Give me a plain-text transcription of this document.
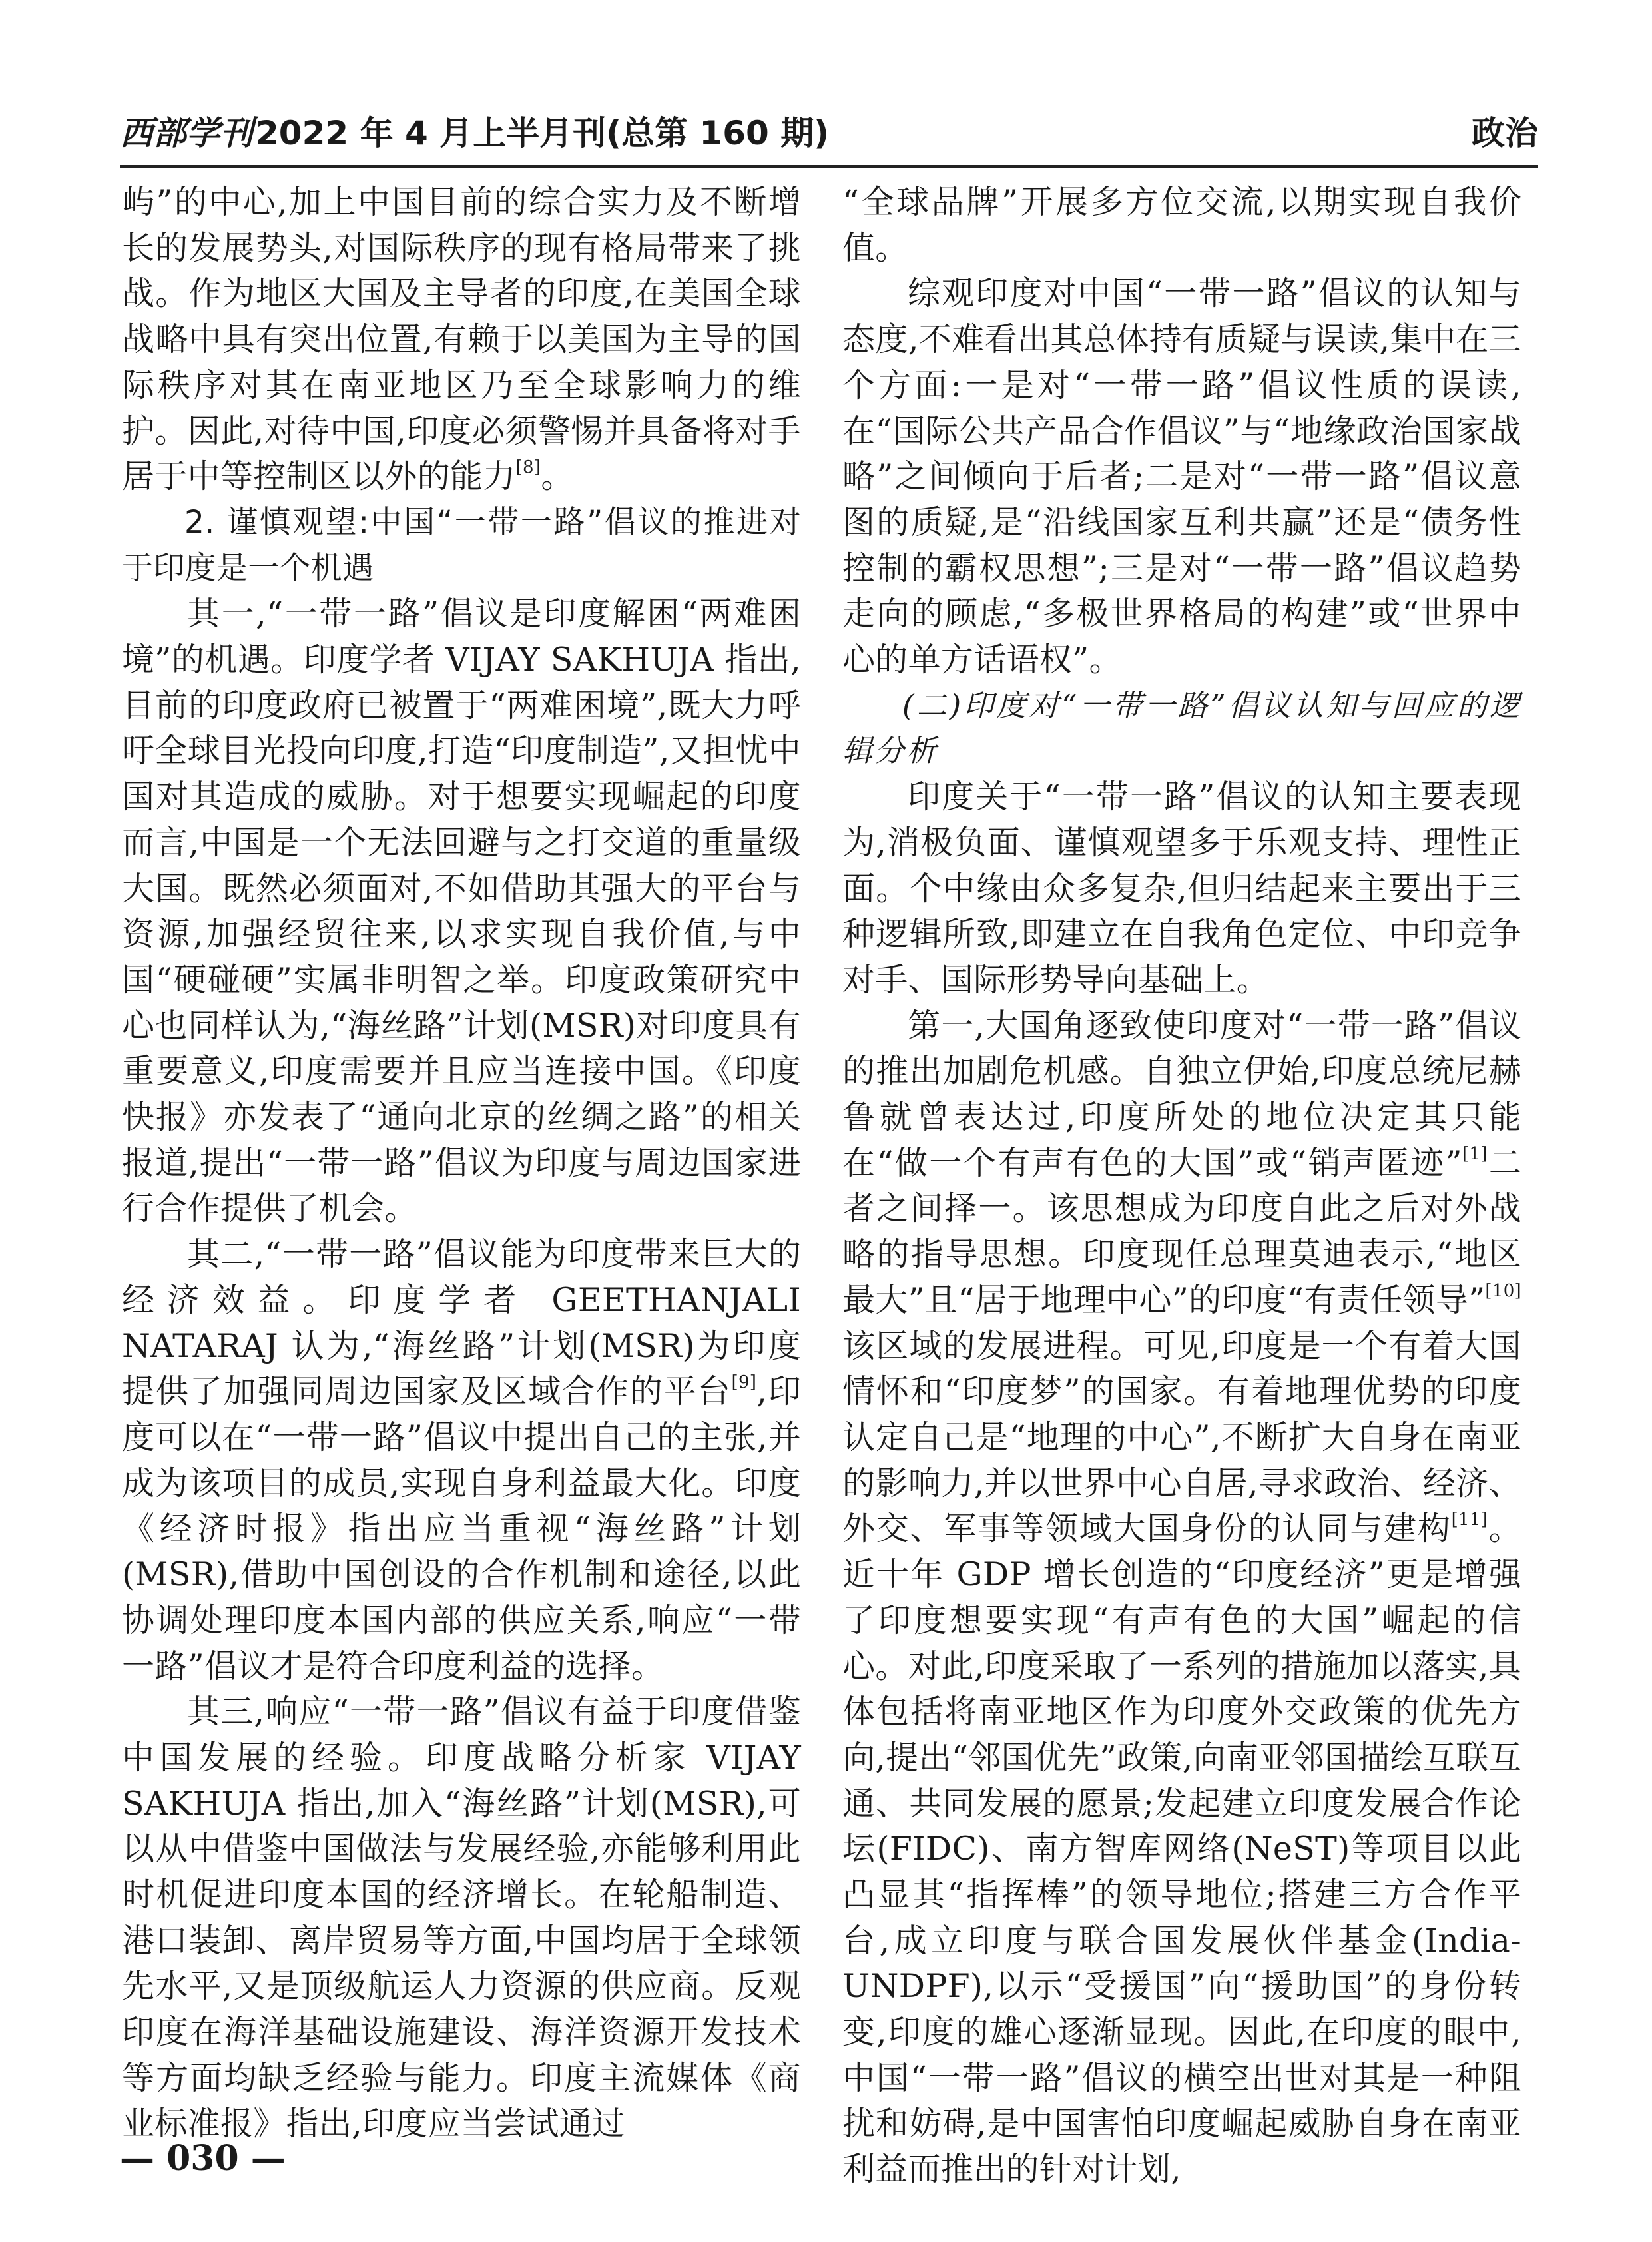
西部学刊2022 年 4 月上半月刊(总第 160 期)	政治

屿”的中心,加上中国目前的综合实力及不断增长的发展势头,对国际秩序的现有格局带来了挑战。作为地区大国及主导者的印度,在美国全球战略中具有突出位置,有赖于以美国为主导的国际秩序对其在南亚地区乃至全球影响力的维护。因此,对待中国,印度必须警惕并具备将对手居于中等控制区以外的能力[8]。

2. 谨慎观望:中国“一带一路”倡议的推进对于印度是一个机遇

其一,“一带一路”倡议是印度解困“两难困境”的机遇。印度学者 VIJAY SAKHUJA 指出,目前的印度政府已被置于“两难困境”,既大力呼吁全球目光投向印度,打造“印度制造”,又担忧中国对其造成的威胁。对于想要实现崛起的印度而言,中国是一个无法回避与之打交道的重量级大国。既然必须面对,不如借助其强大的平台与资源,加强经贸往来,以求实现自我价值,与中国“硬碰硬”实属非明智之举。印度政策研究中心也同样认为,“海丝路”计划(MSR)对印度具有重要意义,印度需要并且应当连接中国。《印度快报》亦发表了“通向北京的丝绸之路”的相关报道,提出“一带一路”倡议为印度与周边国家进行合作提供了机会。

其二,“一带一路”倡议能为印度带来巨大的经济效益。印度学者 GEETHANJALI NATARAJ 认为,“海丝路”计划(MSR)为印度提供了加强同周边国家及区域合作的平台[9],印度可以在“一带一路”倡议中提出自己的主张,并成为该项目的成员,实现自身利益最大化。印度《经济时报》指出应当重视“海丝路”计划(MSR),借助中国创设的合作机制和途径,以此协调处理印度本国内部的供应关系,响应“一带一路”倡议才是符合印度利益的选择。

其三,响应“一带一路”倡议有益于印度借鉴中国发展的经验。印度战略分析家 VIJAY SAKHUJA 指出,加入“海丝路”计划(MSR),可以从中借鉴中国做法与发展经验,亦能够利用此时机促进印度本国的经济增长。在轮船制造、港口装卸、离岸贸易等方面,中国均居于全球领先水平,又是顶级航运人力资源的供应商。反观印度在海洋基础设施建设、海洋资源开发技术等方面均缺乏经验与能力。印度主流媒体《商业标准报》指出,印度应当尝试通过

“全球品牌”开展多方位交流,以期实现自我价值。

综观印度对中国“一带一路”倡议的认知与态度,不难看出其总体持有质疑与误读,集中在三个方面:一是对“一带一路”倡议性质的误读,在“国际公共产品合作倡议”与“地缘政治国家战略”之间倾向于后者;二是对“一带一路”倡议意图的质疑,是“沿线国家互利共赢”还是“债务性控制的霸权思想”;三是对“一带一路”倡议趋势走向的顾虑,“多极世界格局的构建”或“世界中心的单方话语权”。

(二)印度对“一带一路”倡议认知与回应的逻辑分析

印度关于“一带一路”倡议的认知主要表现为,消极负面、谨慎观望多于乐观支持、理性正面。个中缘由众多复杂,但归结起来主要出于三种逻辑所致,即建立在自我角色定位、中印竞争对手、国际形势导向基础上。

第一,大国角逐致使印度对“一带一路”倡议的推出加剧危机感。自独立伊始,印度总统尼赫鲁就曾表达过,印度所处的地位决定其只能在“做一个有声有色的大国”或“销声匿迹”[1]二者之间择一。该思想成为印度自此之后对外战略的指导思想。印度现任总理莫迪表示,“地区最大”且“居于地理中心”的印度“有责任领导”[10]该区域的发展进程。可见,印度是一个有着大国情怀和“印度梦”的国家。有着地理优势的印度认定自己是“地理的中心”,不断扩大自身在南亚的影响力,并以世界中心自居,寻求政治、经济、外交、军事等领域大国身份的认同与建构[11]。近十年 GDP 增长创造的“印度经济”更是增强了印度想要实现“有声有色的大国”崛起的信心。对此,印度采取了一系列的措施加以落实,具体包括将南亚地区作为印度外交政策的优先方向,提出“邻国优先”政策,向南亚邻国描绘互联互通、共同发展的愿景;发起建立印度发展合作论坛(FIDC)、南方智库网络(NeST)等项目以此凸显其“指挥棒”的领导地位;搭建三方合作平台,成立印度与联合国发展伙伴基金(India-UNDPF),以示“受援国”向“援助国”的身份转变,印度的雄心逐渐显现。因此,在印度的眼中,中国“一带一路”倡议的横空出世对其是一种阻扰和妨碍,是中国害怕印度崛起威胁自身在南亚利益而推出的针对计划,

— 030 —
